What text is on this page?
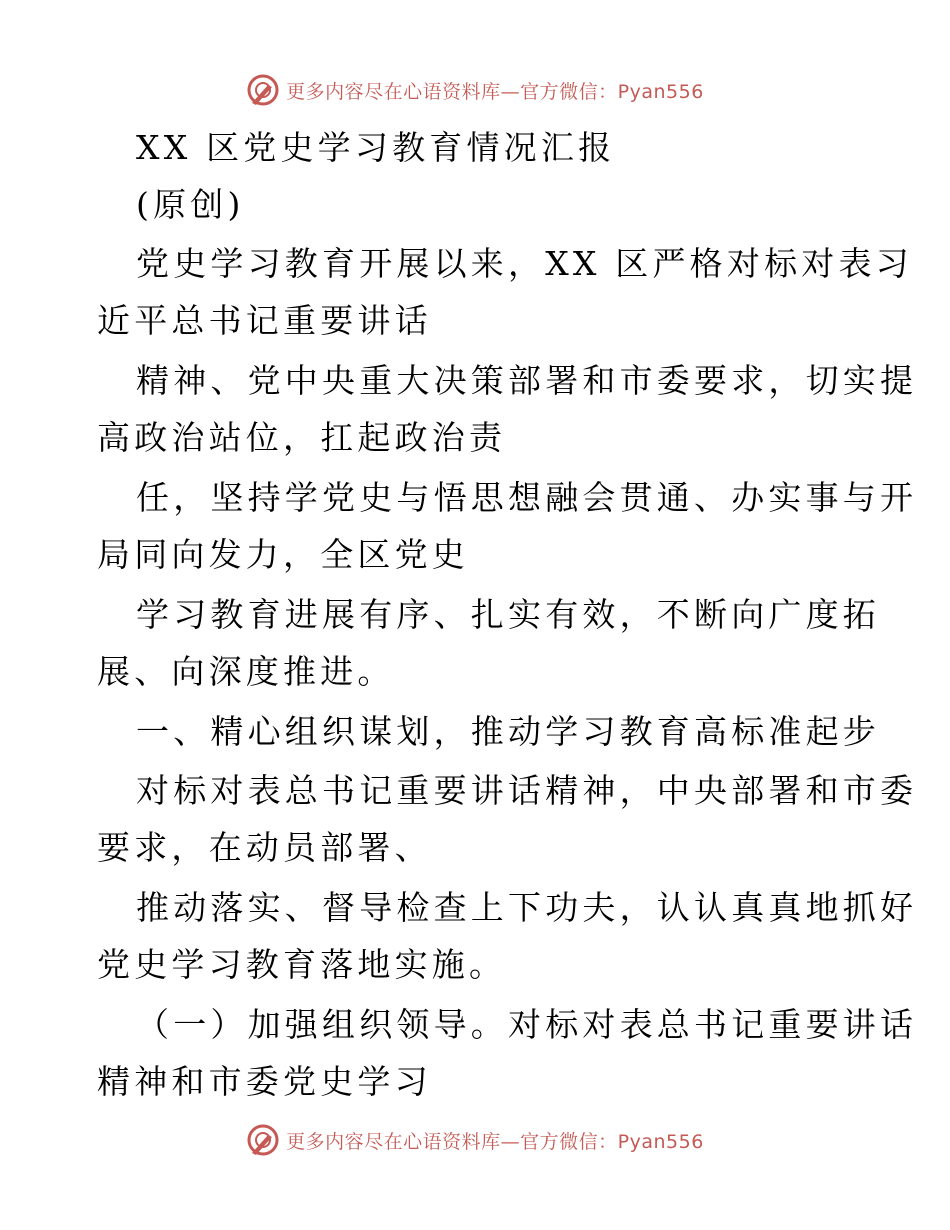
更多内容尽在心语资料库—官方微信：Pyan556
XX 区党史学习教育情况汇报
(原创)
党史学习教育开展以来，XX 区严格对标对表习
近平总书记重要讲话
精神、党中央重大决策部署和市委要求，切实提
高政治站位，扛起政治责
任，坚持学党史与悟思想融会贯通、办实事与开
局同向发力，全区党史
学习教育进展有序、扎实有效，不断向广度拓
展、向深度推进。
一、精心组织谋划，推动学习教育高标准起步
对标对表总书记重要讲话精神，中央部署和市委
要求，在动员部署、
推动落实、督导检查上下功夫，认认真真地抓好
党史学习教育落地实施。
（一）加强组织领导。对标对表总书记重要讲话
精神和市委党史学习
更多内容尽在心语资料库—官方微信：Pyan556
